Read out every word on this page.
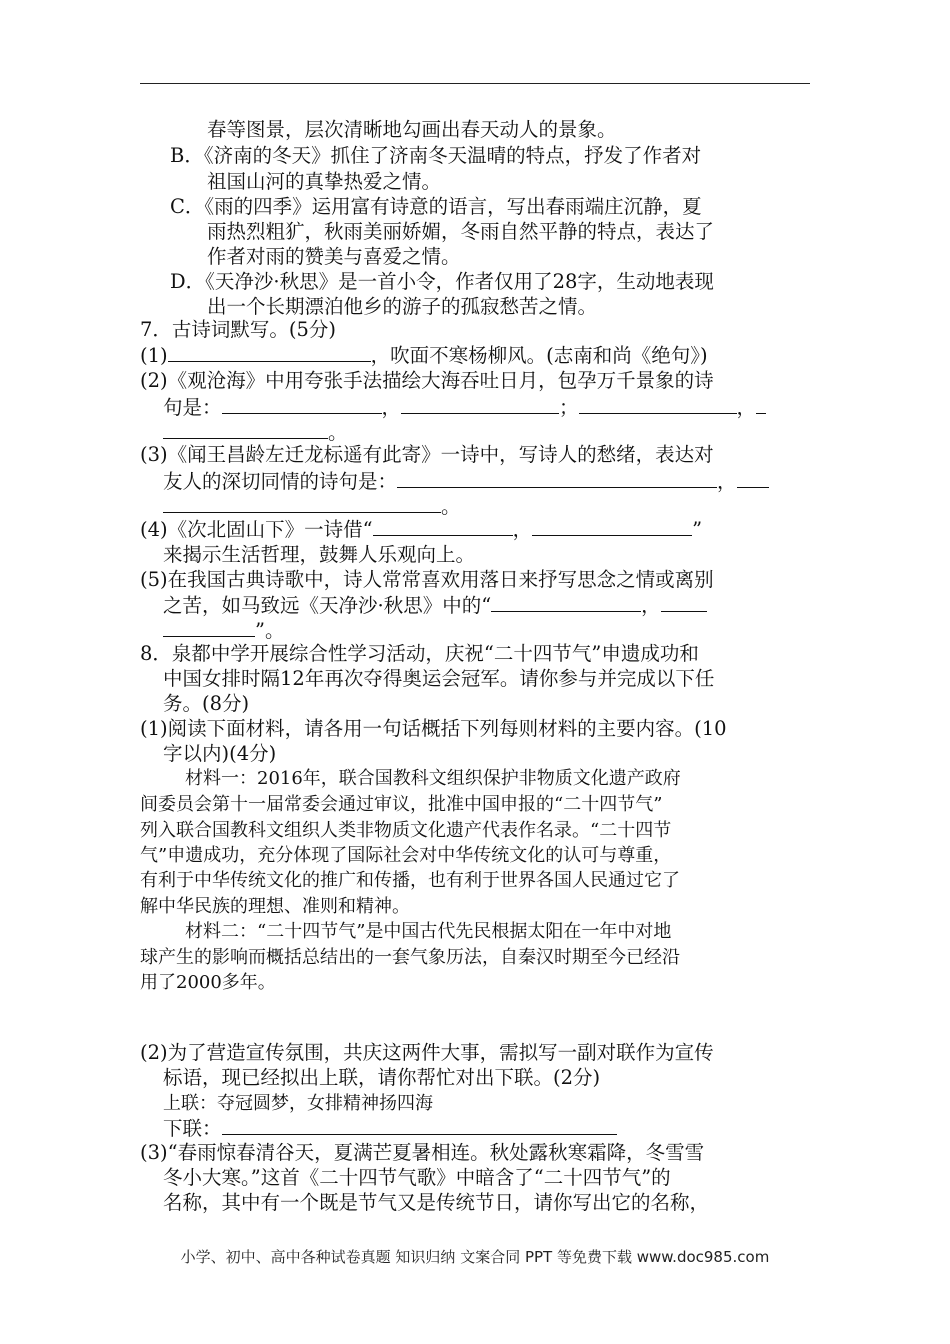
春等图景，层次清晰地勾画出春天动人的景象。
B．《济南的冬天》抓住了济南冬天温晴的特点，抒发了作者对
祖国山河的真挚热爱之情。
C．《雨的四季》运用富有诗意的语言，写出春雨端庄沉静，夏
雨热烈粗犷，秋雨美丽娇媚，冬雨自然平静的特点，表达了
作者对雨的赞美与喜爱之情。
D．《天净沙·秋思》是一首小令，作者仅用了28字，生动地表现
出一个长期漂泊他乡的游子的孤寂愁苦之情。
7．古诗词默写。(5分)
(1)	，吹面不寒杨柳风。(志南和尚《绝句》)
(2)《观沧海》中用夸张手法描绘大海吞吐日月，包孕万千景象的诗
句是：	，	；	，
。
(3)《闻王昌龄左迁龙标遥有此寄》一诗中，写诗人的愁绪，表达对
友人的深切同情的诗句是：	，
。
(4)《次北固山下》一诗借“	，	”
来揭示生活哲理，鼓舞人乐观向上。
(5)在我国古典诗歌中，诗人常常喜欢用落日来抒写思念之情或离别
之苦，如马致远《天净沙·秋思》中的“	，
”。
8．泉都中学开展综合性学习活动，庆祝“二十四节气”申遗成功和
中国女排时隔12年再次夺得奥运会冠军。请你参与并完成以下任
务。(8分)
(1)阅读下面材料，请各用一句话概括下列每则材料的主要内容。(10
字以内)(4分)
材料一：2016年，联合国教科文组织保护非物质文化遗产政府
间委员会第十一届常委会通过审议，批准中国申报的“二十四节气”
列入联合国教科文组织人类非物质文化遗产代表作名录。“二十四节
气”申遗成功，充分体现了国际社会对中华传统文化的认可与尊重，
有利于中华传统文化的推广和传播，也有利于世界各国人民通过它了
解中华民族的理想、准则和精神。
材料二：“二十四节气”是中国古代先民根据太阳在一年中对地
球产生的影响而概括总结出的一套气象历法，自秦汉时期至今已经沿
用了2000多年。
(2)为了营造宣传氛围，共庆这两件大事，需拟写一副对联作为宣传
标语，现已经拟出上联，请你帮忙对出下联。(2分)
上联：夺冠圆梦，女排精神扬四海
下联：
(3)“春雨惊春清谷天，夏满芒夏暑相连。秋处露秋寒霜降，冬雪雪
冬小大寒。”这首《二十四节气歌》中暗含了“二十四节气”的
名称，其中有一个既是节气又是传统节日，请你写出它的名称，
小学、初中、高中各种试卷真题 知识归纳 文案合同 PPT 等免费下载 www.doc985.com
